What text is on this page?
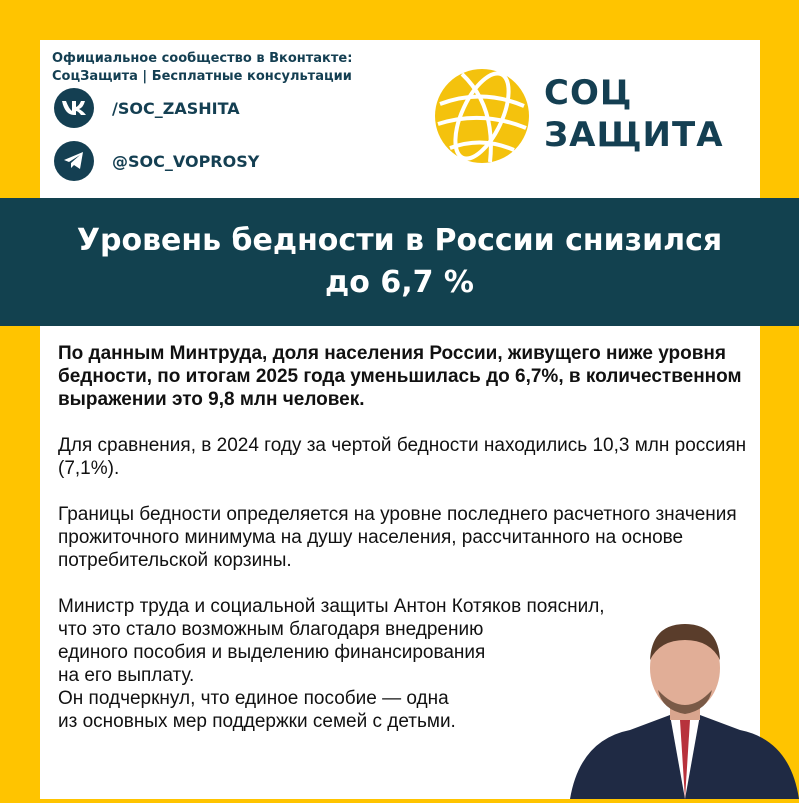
Официальное сообщество в Вконтакте:
СоцЗащита | Бесплатные консультации
/SOC_ZASHITA
@SOC_VOPROSY
СОЦ
ЗАЩИТА
Уровень бедности в России снизился
до 6,7 %

По данным Минтруда, доля населения России, живущего ниже уровня бедности, по итогам 2025 года уменьшилась до 6,7%, в количественном выражении это 9,8 млн человек.

Для сравнения, в 2024 году за чертой бедности находились 10,3 млн россиян (7,1%).

Границы бедности определяется на уровне последнего расчетного значения прожиточного минимума на душу населения, рассчитанного на основе потребительской корзины.

Министр труда и социальной защиты Антон Котяков пояснил,
что это стало возможным благодаря внедрению
единого пособия и выделению финансирования
на его выплату.
Он подчеркнул, что единое пособие — одна
из основных мер поддержки семей с детьми.
